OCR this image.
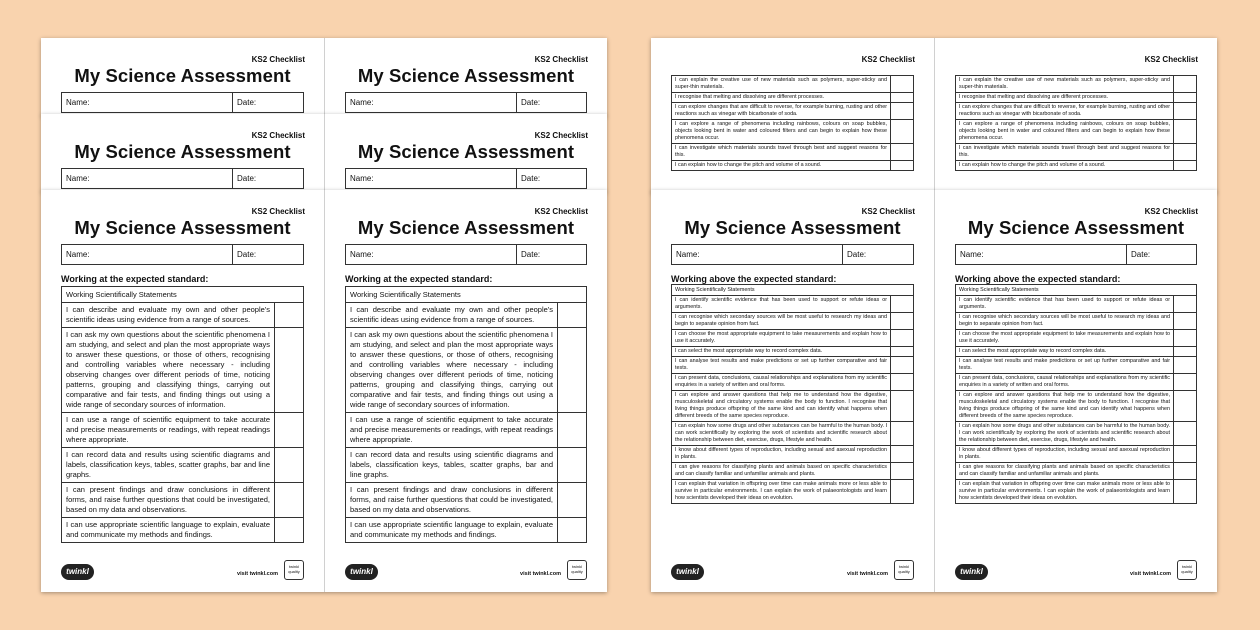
KS2 Checklist
My Science Assessment
Name:	Date:
KS2 Checklist
My Science Assessment
Name:	Date:
KS2 Checklist
My Science Assessment
Name:	Date:
KS2 Checklist
My Science Assessment
Name:	Date:
KS2 Checklist
My Science Assessment
Name:	Date:
Working at the expected standard:
Working Scientifically Statements	
I can describe and evaluate my own and other people's scientific ideas using evidence from a range of sources.	
I can ask my own questions about the scientific phenomena I am studying, and select and plan the most appropriate ways to answer these questions, or those of others, recognising and controlling variables where necessary - including observing changes over different periods of time, noticing patterns, grouping and classifying things, carrying out comparative and fair tests, and finding things out using a wide range of secondary sources of information.	
I can use a range of scientific equipment to take accurate and precise measurements or readings, with repeat readings where appropriate.	
I can record data and results using scientific diagrams and labels, classification keys, tables, scatter graphs, bar and line graphs.	
I can present findings and draw conclusions in different forms, and raise further questions that could be investigated, based on my data and observations.	
I can use appropriate scientific language to explain, evaluate and communicate my methods and findings.	
twinkl	visit twinkl.com
twinkl quality
KS2 Checklist
My Science Assessment
Name:	Date:
Working at the expected standard:
Working Scientifically Statements	
I can describe and evaluate my own and other people's scientific ideas using evidence from a range of sources.	
I can ask my own questions about the scientific phenomena I am studying, and select and plan the most appropriate ways to answer these questions, or those of others, recognising and controlling variables where necessary - including observing changes over different periods of time, noticing patterns, grouping and classifying things, carrying out comparative and fair tests, and finding things out using a wide range of secondary sources of information.	
I can use a range of scientific equipment to take accurate and precise measurements or readings, with repeat readings where appropriate.	
I can record data and results using scientific diagrams and labels, classification keys, tables, scatter graphs, bar and line graphs.	
I can present findings and draw conclusions in different forms, and raise further questions that could be investigated, based on my data and observations.	
I can use appropriate scientific language to explain, evaluate and communicate my methods and findings.	
twinkl	visit twinkl.com
twinkl quality
KS2 Checklist
I can explain the creative use of new materials such as polymers, super-sticky and super-thin materials.	
I recognise that melting and dissolving are different processes.	
I can explore changes that are difficult to reverse, for example burning, rusting and other reactions such as vinegar with bicarbonate of soda.	
I can explore a range of phenomena including rainbows, colours on soap bubbles, objects looking bent in water and coloured filters and can begin to explain how these phenomena occur.	
I can investigate which materials sounds travel through best and suggest reasons for this.	
I can explain how to change the pitch and volume of a sound.	
KS2 Checklist
I can explain the creative use of new materials such as polymers, super-sticky and super-thin materials.	
I recognise that melting and dissolving are different processes.	
I can explore changes that are difficult to reverse, for example burning, rusting and other reactions such as vinegar with bicarbonate of soda.	
I can explore a range of phenomena including rainbows, colours on soap bubbles, objects looking bent in water and coloured filters and can begin to explain how these phenomena occur.	
I can investigate which materials sounds travel through best and suggest reasons for this.	
I can explain how to change the pitch and volume of a sound.	
KS2 Checklist
My Science Assessment
Name:	Date:
Working above the expected standard:
Working Scientifically Statements	
I can identify scientific evidence that has been used to support or refute ideas or arguments.	
I can recognise which secondary sources will be most useful to research my ideas and begin to separate opinion from fact.	
I can choose the most appropriate equipment to take measurements and explain how to use it accurately.	
I can select the most appropriate way to record complex data.	
I can analyse test results and make predictions or set up further comparative and fair tests.	
I can present data, conclusions, causal relationships and explanations from my scientific enquiries in a variety of written and oral forms.	
I can explore and answer questions that help me to understand how the digestive, musculoskeletal and circulatory systems enable the body to function. I recognise that living things produce offspring of the same kind and can identify what happens when different breeds of the same species reproduce.	
I can explain how some drugs and other substances can be harmful to the human body. I can work scientifically by exploring the work of scientists and scientific research about the relationship between diet, exercise, drugs, lifestyle and health.	
I know about different types of reproduction, including sexual and asexual reproduction in plants.	
I can give reasons for classifying plants and animals based on specific characteristics and can classify familiar and unfamiliar animals and plants.	
I can explain that variation in offspring over time can make animals more or less able to survive in particular environments. I can explain the work of palaeontologists and learn how scientists developed their ideas on evolution.	
twinkl	visit twinkl.com
twinkl quality
KS2 Checklist
My Science Assessment
Name:	Date:
Working above the expected standard:
Working Scientifically Statements	
I can identify scientific evidence that has been used to support or refute ideas or arguments.	
I can recognise which secondary sources will be most useful to research my ideas and begin to separate opinion from fact.	
I can choose the most appropriate equipment to take measurements and explain how to use it accurately.	
I can select the most appropriate way to record complex data.	
I can analyse test results and make predictions or set up further comparative and fair tests.	
I can present data, conclusions, causal relationships and explanations from my scientific enquiries in a variety of written and oral forms.	
I can explore and answer questions that help me to understand how the digestive, musculoskeletal and circulatory systems enable the body to function. I recognise that living things produce offspring of the same kind and can identify what happens when different breeds of the same species reproduce.	
I can explain how some drugs and other substances can be harmful to the human body. I can work scientifically by exploring the work of scientists and scientific research about the relationship between diet, exercise, drugs, lifestyle and health.	
I know about different types of reproduction, including sexual and asexual reproduction in plants.	
I can give reasons for classifying plants and animals based on specific characteristics and can classify familiar and unfamiliar animals and plants.	
I can explain that variation in offspring over time can make animals more or less able to survive in particular environments. I can explain the work of palaeontologists and learn how scientists developed their ideas on evolution.	
twinkl	visit twinkl.com
twinkl quality
